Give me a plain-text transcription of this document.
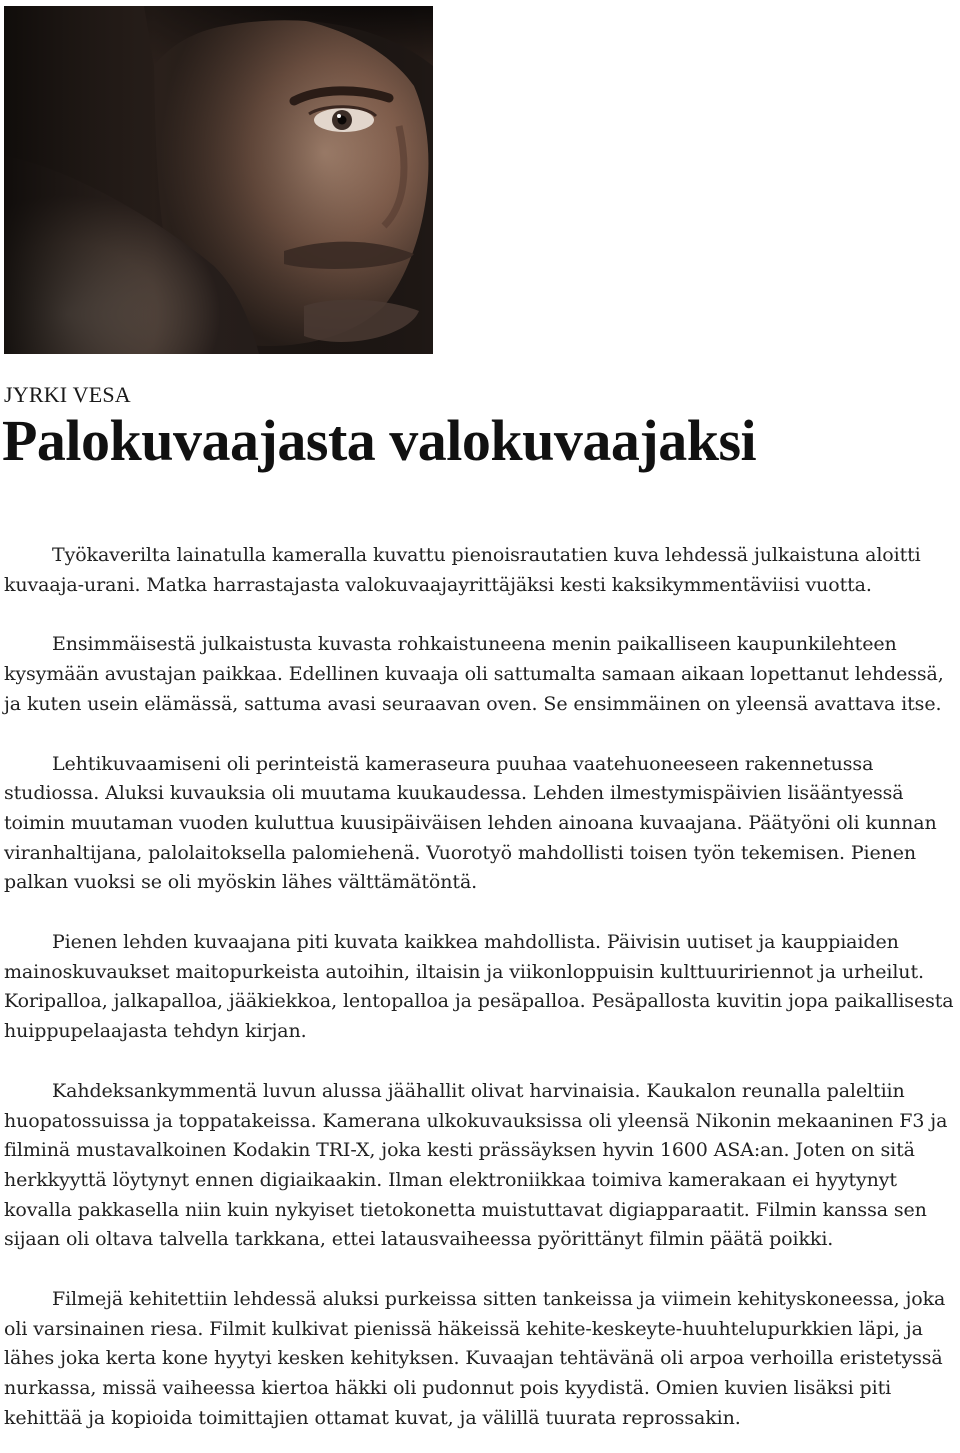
JYRKI VESA
Palokuvaajasta valokuvaajaksi

Työkaverilta lainatulla kameralla kuvattu pienoisrautatien kuva lehdessä julkaistuna aloitti kuvaaja-urani. Matka harrastajasta valokuvaajayrittäjäksi kesti kaksikymmentäviisi vuotta.

Ensimmäisestä julkaistusta kuvasta rohkaistuneena menin paikalliseen kaupunkilehteen kysymään avustajan paikkaa. Edellinen kuvaaja oli sattumalta samaan aikaan lopettanut lehdessä, ja kuten usein elämässä, sattuma avasi seuraavan oven. Se ensimmäinen on yleensä avattava itse.

Lehtikuvaamiseni oli perinteistä kameraseura puuhaa vaatehuoneeseen rakennetussa studiossa. Aluksi kuvauksia oli muutama kuukaudessa. Lehden ilmestymispäivien lisääntyessä toimin muutaman vuoden kuluttua kuusipäiväisen lehden ainoana kuvaajana. Päätyöni oli kunnan viranhaltijana, palolaitoksella palomiehenä. Vuorotyö mahdollisti toisen työn tekemisen. Pienen palkan vuoksi se oli myöskin lähes välttämätöntä.

Pienen lehden kuvaajana piti kuvata kaikkea mahdollista. Päivisin uutiset ja kauppiaiden mainoskuvaukset maitopurkeista autoihin, iltaisin ja viikonloppuisin kulttuuririennot ja urheilut. Koripalloa, jalkapalloa, jääkiekkoa, lentopalloa ja pesäpalloa. Pesäpallosta kuvitin jopa paikallisesta huippupelaajasta tehdyn kirjan.

Kahdeksankymmentä luvun alussa jäähallit olivat harvinaisia. Kaukalon reunalla paleltiin huopatossuissa ja toppatakeissa. Kamerana ulkokuvauksissa oli yleensä Nikonin mekaaninen F3 ja filminä mustavalkoinen Kodakin TRI-X, joka kesti prässäyksen hyvin 1600 ASA:an. Joten on sitä herkkyyttä löytynyt ennen digiaikaakin. Ilman elektroniikkaa toimiva kamerakaan ei hyytynyt kovalla pakkasella niin kuin nykyiset tietokonetta muistuttavat digiapparaatit. Filmin kanssa sen sijaan oli oltava talvella tarkkana, ettei latausvaiheessa pyörittänyt filmin päätä poikki.

Filmejä kehitettiin lehdessä aluksi purkeissa sitten tankeissa ja viimein kehityskoneessa, joka oli varsinainen riesa. Filmit kulkivat pienissä häkeissä kehite-keskeyte-huuhtelupurkkien läpi, ja lähes joka kerta kone hyytyi kesken kehityksen. Kuvaajan tehtävänä oli arpoa verhoilla eristetyssä nurkassa, missä vaiheessa kiertoa häkki oli pudonnut pois kyydistä. Omien kuvien lisäksi piti kehittää ja kopioida toimittajien ottamat kuvat, ja välillä tuurata reprossakin.
